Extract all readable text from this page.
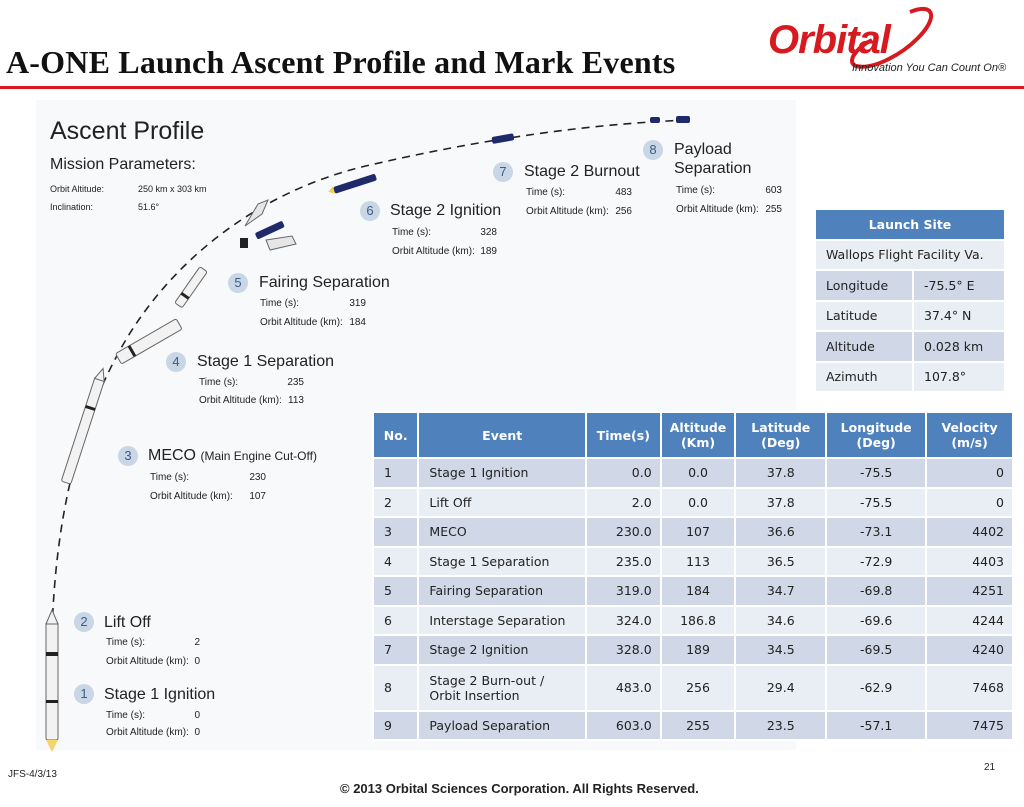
A-ONE Launch Ascent Profile and Mark Events Orbital
Innovation You Can Count On®
Ascent Profile
Mission Parameters:
Orbit Altitude:	250 km x 303 km
Inclination:	51.6°
1	Stage 1 Ignition
Time (s):	0
Orbit Altitude (km): 0
2	Lift Off
Time (s):	2
Orbit Altitude (km): 0
3	MECO (Main Engine Cut-Off)
Time (s):	230
Orbit Altitude (km):	107
4	Stage 1 Separation
Time (s):	235
Orbit Altitude (km): 113
5	Fairing Separation
Time (s):	319
Orbit Altitude (km): 184
6	Stage 2 Ignition
Time (s):	328
Orbit Altitude (km): 189
7	Stage 2 Burnout
Time (s):	483
Orbit Altitude (km): 256
8	Payload
Separation
Time (s):	603
Orbit Altitude (km): 255
Launch Site	
Wallops Flight Facility Va.	
Longitude	-75.5° E
Latitude	37.4° N
Altitude	0.028 km
Azimuth	107.8°
No.	Event	Time(s)	Altitude
(Km)	Latitude
(Deg)	Longitude
(Deg)	Velocity
(m/s)
1	Stage 1 Ignition	0.0	0.0	37.8	-75.5	0
2	Lift Off	2.0	0.0	37.8	-75.5	0
3	MECO	230.0	107	36.6	-73.1	4402
4	Stage 1 Separation	235.0	113	36.5	-72.9	4403
5	Fairing Separation	319.0	184	34.7	-69.8	4251
6	Interstage Separation	324.0	186.8	34.6	-69.6	4244
7	Stage 2 Ignition	328.0	189	34.5	-69.5	4240
8	Stage 2 Burn-out /
Orbit Insertion	483.0	256	29.4	-62.9	7468
9	Payload Separation	603.0	255	23.5	-57.1	7475
JFS-4/3/13
© 2013 Orbital Sciences Corporation. All Rights Reserved.
21
